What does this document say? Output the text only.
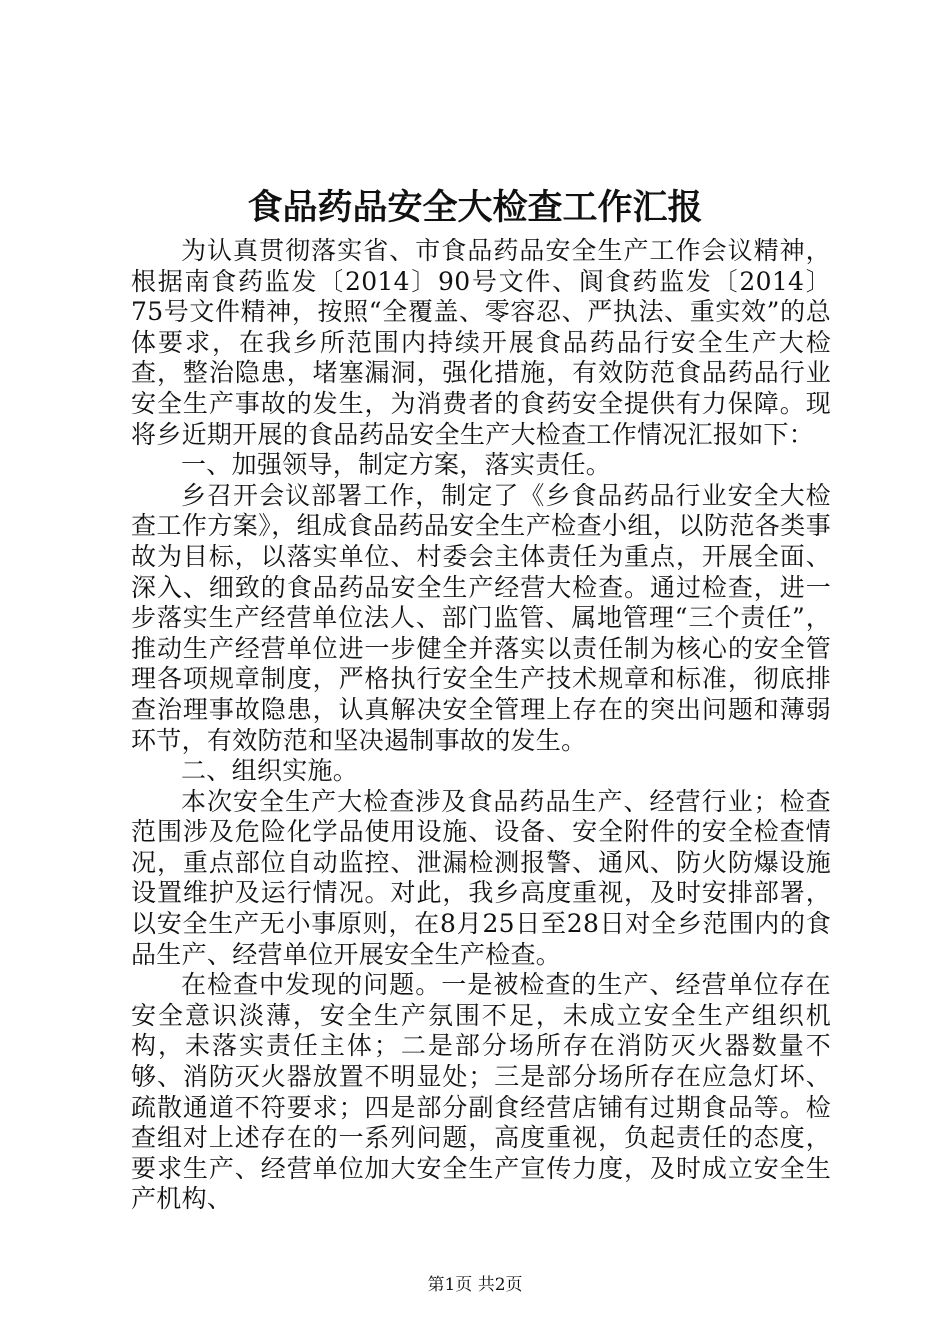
食品药品安全大检查工作汇报

为认真贯彻落实省、市食品药品安全生产工作会议精神，根据南食药监发〔2014〕90号文件、阆食药监发〔2014〕75号文件精神，按照“全覆盖、零容忍、严执法、重实效”的总体要求，在我乡所范围内持续开展食品药品行安全生产大检查，整治隐患，堵塞漏洞，强化措施，有效防范食品药品行业安全生产事故的发生，为消费者的食药安全提供有力保障。现将乡近期开展的食品药品安全生产大检查工作情况汇报如下：

一、加强领导，制定方案，落实责任。

乡召开会议部署工作，制定了《乡食品药品行业安全大检查工作方案》，组成食品药品安全生产检查小组，以防范各类事故为目标，以落实单位、村委会主体责任为重点，开展全面、深入、细致的食品药品安全生产经营大检查。通过检查，进一步落实生产经营单位法人、部门监管、属地管理“三个责任”，推动生产经营单位进一步健全并落实以责任制为核心的安全管理各项规章制度，严格执行安全生产技术规章和标准，彻底排查治理事故隐患，认真解决安全管理上存在的突出问题和薄弱环节，有效防范和坚决遏制事故的发生。

二、组织实施。

本次安全生产大检查涉及食品药品生产、经营行业；检查范围涉及危险化学品使用设施、设备、安全附件的安全检查情况，重点部位自动监控、泄漏检测报警、通风、防火防爆设施设置维护及运行情况。对此，我乡高度重视，及时安排部署，以安全生产无小事原则，在8月25日至28日对全乡范围内的食品生产、经营单位开展安全生产检查。

在检查中发现的问题。一是被检查的生产、经营单位存在安全意识淡薄，安全生产氛围不足，未成立安全生产组织机构，未落实责任主体；二是部分场所存在消防灭火器数量不够、消防灭火器放置不明显处；三是部分场所存在应急灯坏、疏散通道不符要求；四是部分副食经营店铺有过期食品等。检查组对上述存在的一系列问题，高度重视，负起责任的态度，要求生产、经营单位加大安全生产宣传力度，及时成立安全生产机构、

第1页 共2页
